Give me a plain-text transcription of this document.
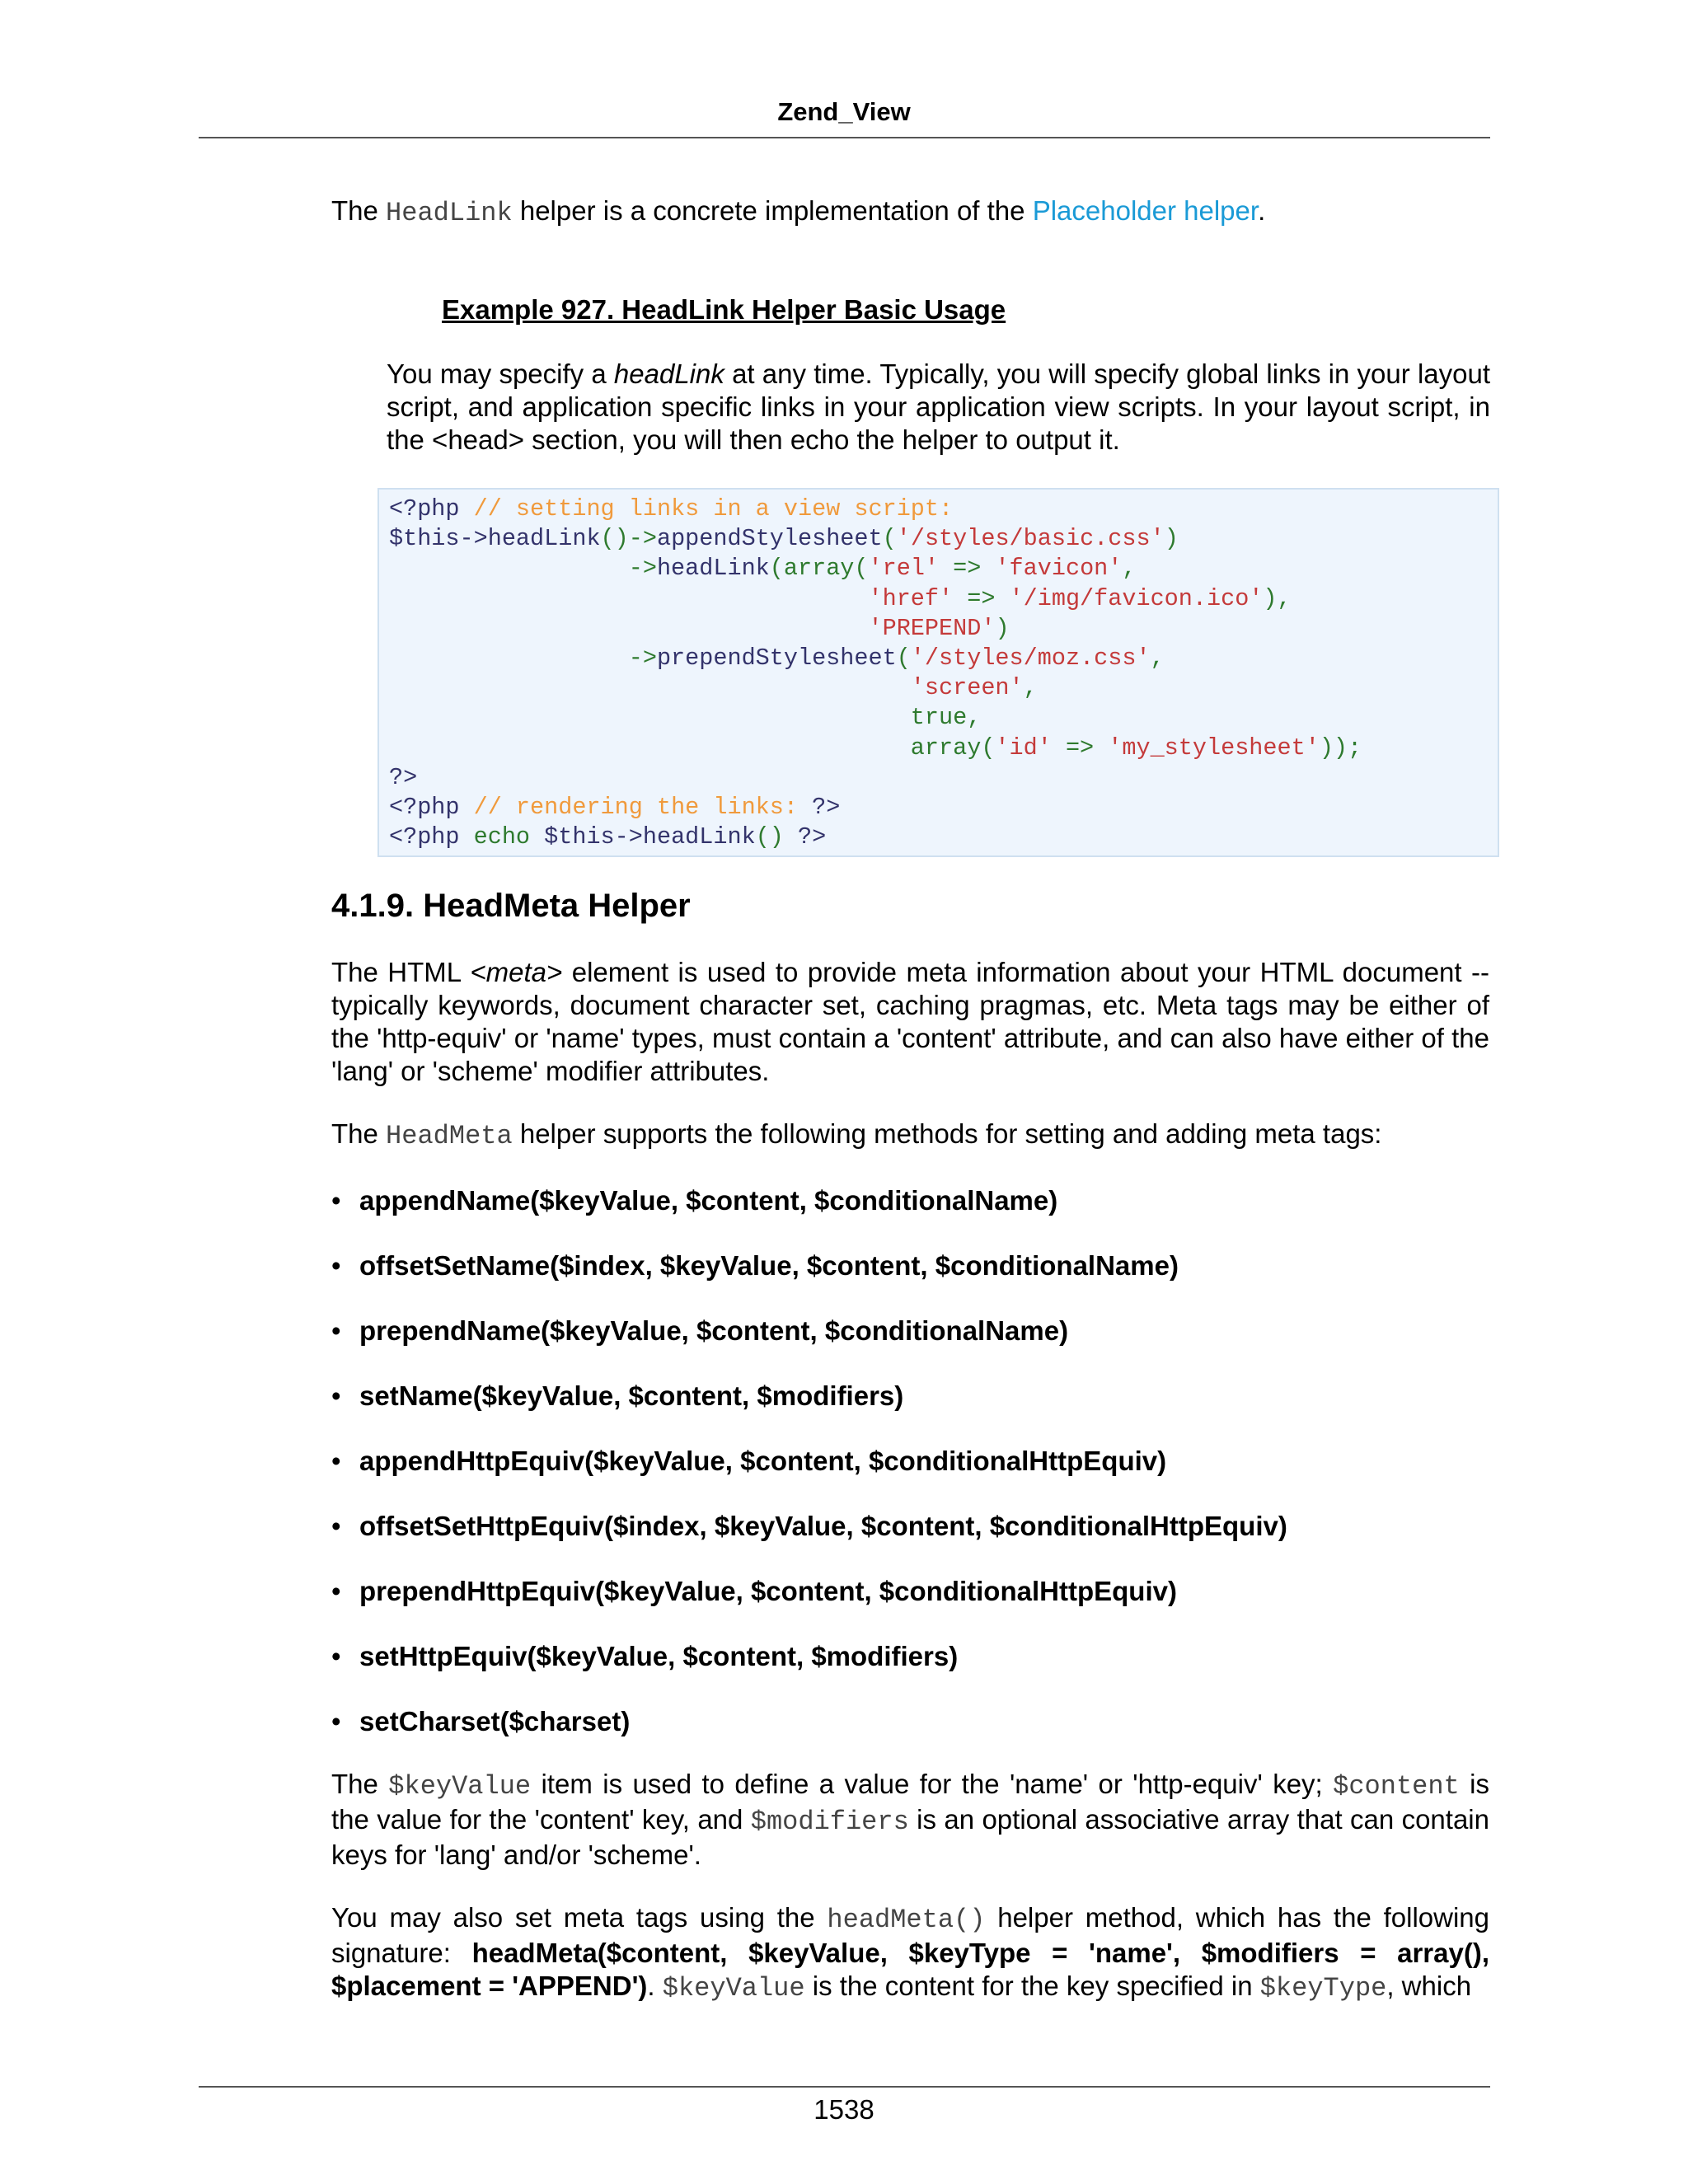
Zend_View

The HeadLink helper is a concrete implementation of the Placeholder helper.

Example 927. HeadLink Helper Basic Usage

You may specify a headLink at any time. Typically, you will specify global links in your layout script, and application specific links in your application view scripts. In your layout script, in the <head> section, you will then echo the helper to output it.

<?php // setting links in a view script:
$this->headLink()->appendStylesheet('/styles/basic.css')
->headLink(array('rel' => 'favicon',
'href' => '/img/favicon.ico'),
'PREPEND')
->prependStylesheet('/styles/moz.css',
'screen',
true,
array('id' => 'my_stylesheet'));
?>
<?php // rendering the links: ?>
<?php echo $this->headLink() ?>
4.1.9. HeadMeta Helper

The HTML <meta> element is used to provide meta information about your HTML document -- typically keywords, document character set, caching pragmas, etc. Meta tags may be either of the 'http-equiv' or 'name' types, must contain a 'content' attribute, and can also have either of the 'lang' or 'scheme' modifier attributes.

The HeadMeta helper supports the following methods for setting and adding meta tags:

• appendName($keyValue, $content, $conditionalName)
• offsetSetName($index, $keyValue, $content, $conditionalName)
• prependName($keyValue, $content, $conditionalName)
• setName($keyValue, $content, $modifiers)
• appendHttpEquiv($keyValue, $content, $conditionalHttpEquiv)
• offsetSetHttpEquiv($index, $keyValue, $content, $conditionalHttpEquiv)
• prependHttpEquiv($keyValue, $content, $conditionalHttpEquiv)
• setHttpEquiv($keyValue, $content, $modifiers)
• setCharset($charset)

The $keyValue item is used to define a value for the 'name' or 'http-equiv' key; $content is the value for the 'content' key, and $modifiers is an optional associative array that can contain keys for 'lang' and/or 'scheme'.

You may also set meta tags using the headMeta() helper method, which has the following signature: headMeta($content, $keyValue, $keyType = 'name', $modifiers = array(), $placement = 'APPEND'). $keyValue is the content for the key specified in $keyType, which

1538
